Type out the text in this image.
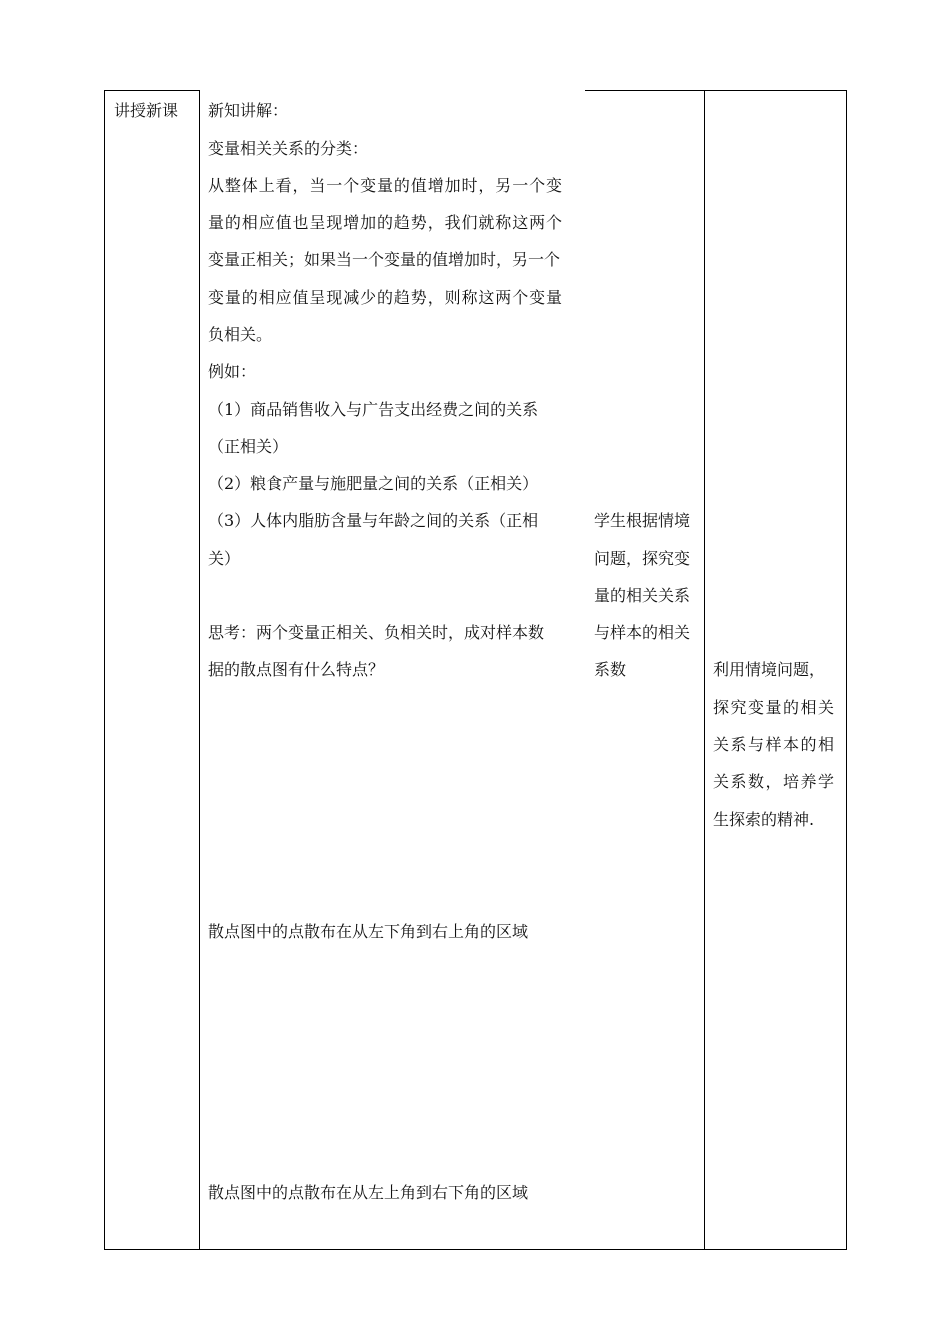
讲授新课 新知讲解：
变量相关关系的分类：
从整体上看，当一个变量的值增加时，另一个变
量的相应值也呈现增加的趋势，我们就称这两个
变量正相关；如果当一个变量的值增加时，另一个
变量的相应值呈现减少的趋势，则称这两个变量
负相关。
例如：
（1）商品销售收入与广告支出经费之间的关系
（正相关）
（2）粮食产量与施肥量之间的关系（正相关）
（3）人体内脂肪含量与年龄之间的关系（正相
关）
思考：两个变量正相关、负相关时，成对样本数
据的散点图有什么特点？
散点图中的点散布在从左下角到右上角的区域
散点图中的点散布在从左上角到右下角的区域
学生根据情境
问题，探究变
量的相关关系
与样本的相关
系数	利用情境问题，
探究变量的相关
关系与样本的相
关系数，培养学
生探索的精神.
